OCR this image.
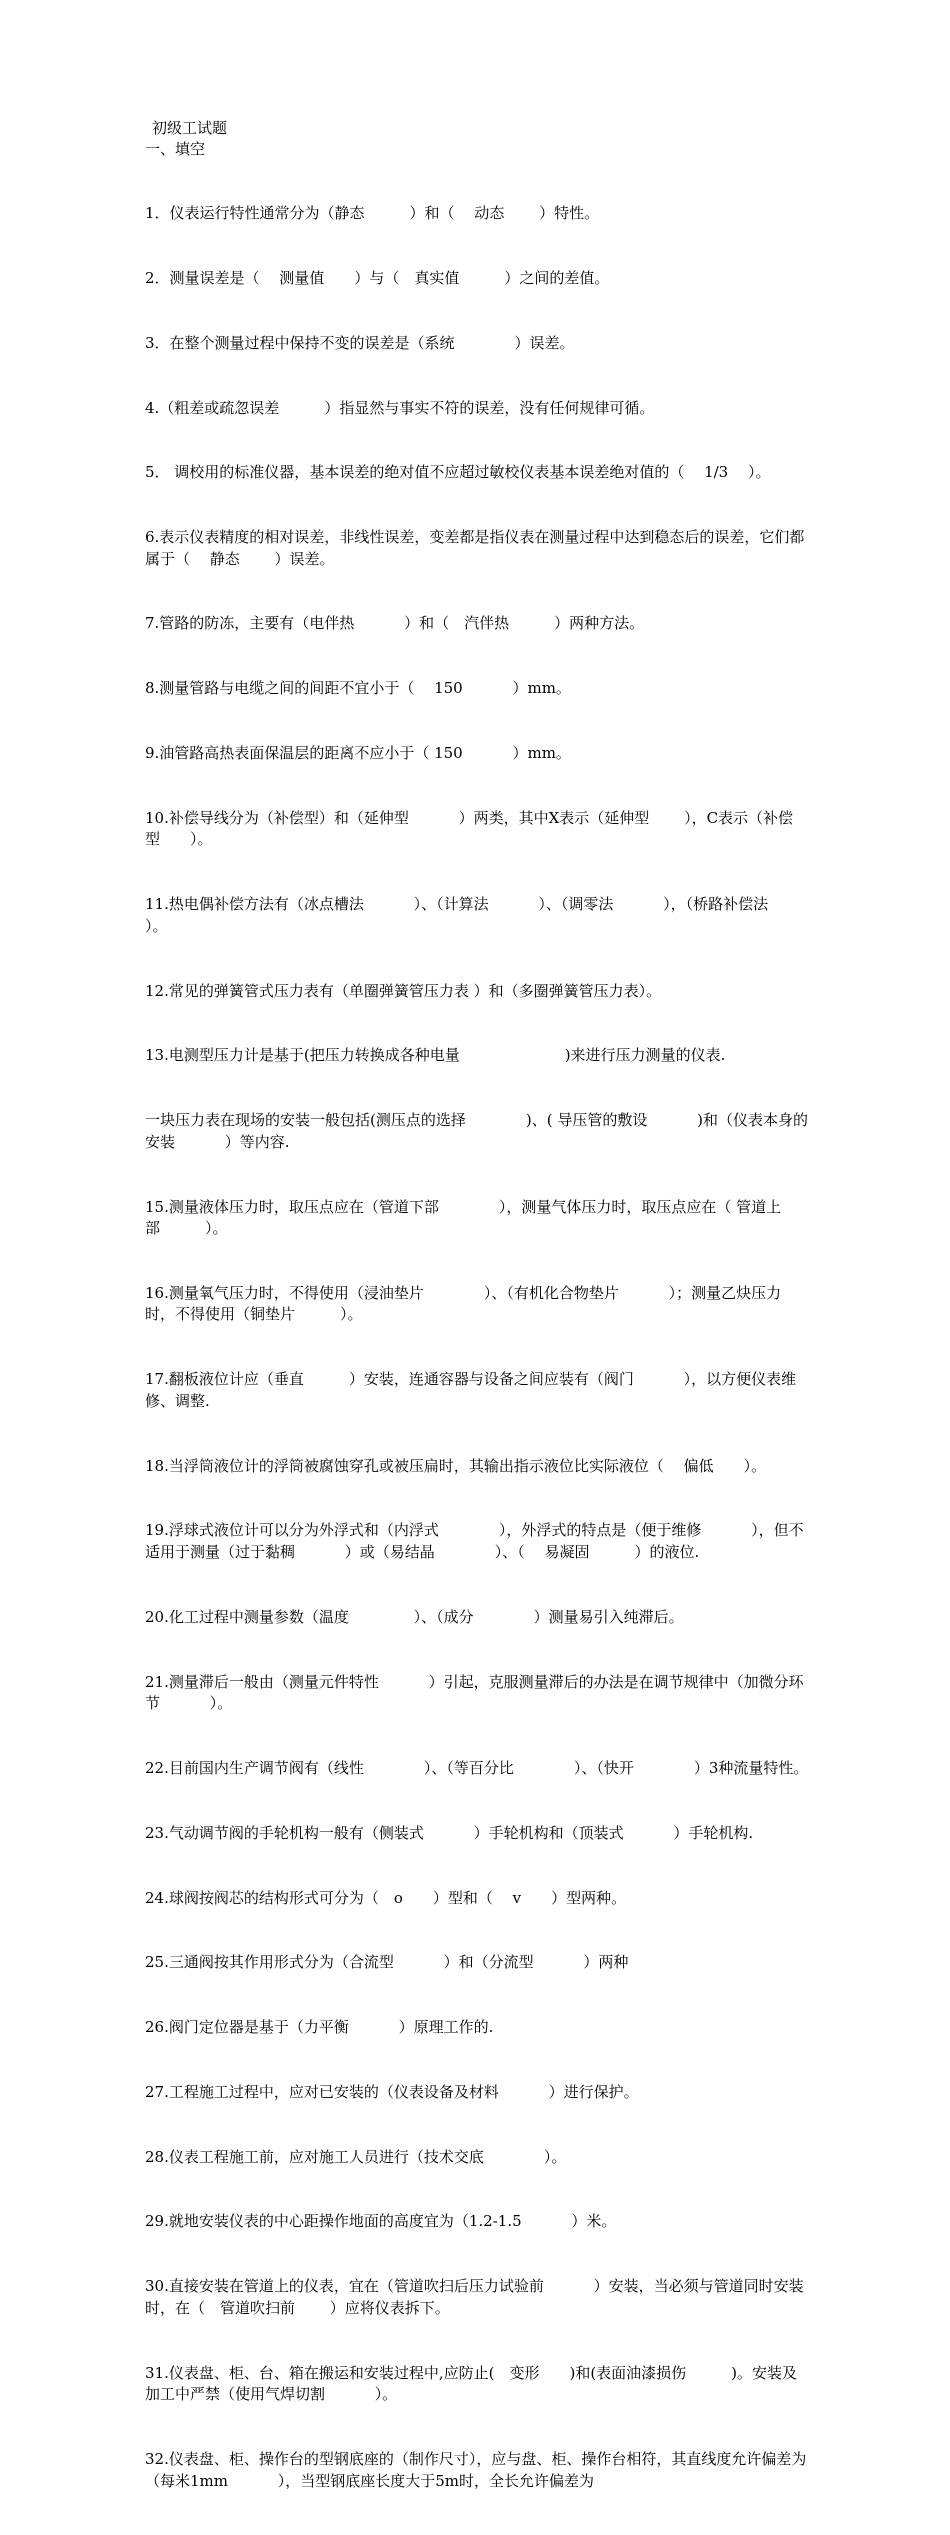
初级工试题
一、填空

1．仪表运行特性通常分为（静态　　　）和（　 动态　　 ）特性。

2．测量误差是（　 测量值　　）与（　真实值　　　）之间的差值。

3．在整个测量过程中保持不变的误差是（系统　　　　）误差。

4.（粗差或疏忽误差　　　）指显然与事实不符的误差，没有任何规律可循。

5． 调校用的标准仪器，基本误差的绝对值不应超过敏校仪表基本误差绝对值的（　 1/3　 ）。

6.表示仪表精度的相对误差，非线性误差，变差都是指仪表在测量过程中达到稳态后的误差，它们都属于（　 静态　　 ）误差。

7.管路的防冻，主要有（电伴热　　　 ）和（　汽伴热　　　）两种方法。

8.测量管路与电缆之间的间距不宜小于（　 150　　　 ）mm。

9.油管路高热表面保温层的距离不应小于（ 150　　　 ）mm。

10.补偿导线分为（补偿型）和（延伸型　　　 ）两类，其中X表示（延伸型　　 ），C表示（补偿型　　）。

11.热电偶补偿方法有（冰点槽法　　　 ）、（计算法　　　 ）、（调零法　　　 ），（桥路补偿法　　　 ）。

12.常见的弹簧管式压力表有（单圈弹簧管压力表 ）和（多圈弹簧管压力表）。

13.电测型压力计是基于(把压力转换成各种电量　　　　　　　)来进行压力测量的仪表.

一块压力表在现场的安装一般包括(测压点的选择　　　　)、( 导压管的敷设　　　 )和（仪表本身的安装　　　 ）等内容.

15.测量液体压力时，取压点应在（管道下部　　　　），测量气体压力时，取压点应在（ 管道上部　　　）。

16.测量氧气压力时，不得使用（浸油垫片　　　　）、（有机化合物垫片　　　 ）；测量乙炔压力时，不得使用（铜垫片　　　）。

17.翻板液位计应（垂直　　　）安装，连通容器与设备之间应装有（阀门　　　 ），以方便仪表维修、调整.

18.当浮筒液位计的浮筒被腐蚀穿孔或被压扁时，其输出指示液位比实际液位（　 偏低　　）。

19.浮球式液位计可以分为外浮式和（内浮式　　　　），外浮式的特点是（便于维修　　　 ），但不适用于测量（过于黏稠　　　 ）或（易结晶　　　　）、（　 易凝固　　　）的液位.

20.化工过程中测量参数（温度　　　　 ）、（成分　　　　）测量易引入纯滞后。

21.测量滞后一般由（测量元件特性　　　 ）引起，克服测量滞后的办法是在调节规律中（加微分环节　　　 ）。

22.目前国内生产调节阀有（线性　　　　）、（等百分比　　　　）、（快开　　　　）3种流量特性。

23.气动调节阀的手轮机构一般有（侧装式　　　 ）手轮机构和（顶装式　　　 ）手轮机构.

24.球阀按阀芯的结构形式可分为（　o　　）型和（　 v　　）型两种。

25.三通阀按其作用形式分为（合流型　　　 ）和（分流型　　　 ）两种

26.阀门定位器是基于（力平衡　　　 ）原理工作的.

27.工程施工过程中，应对已安装的（仪表设备及材料　　　 ）进行保护。

28.仪表工程施工前，应对施工人员进行（技术交底　　　　）。

29.就地安装仪表的中心距操作地面的高度宜为（1.2-1.5　　　 ）米。

30.直接安装在管道上的仪表，宜在（管道吹扫后压力试验前　　　 ）安装，当必须与管道同时安装时，在（　管道吹扫前　　 ）应将仪表拆下。

31.仪表盘、柜、台、箱在搬运和安装过程中,应防止(　变形　　)和(表面油漆损伤　　　)。安装及加工中严禁（使用气焊切割　　　 ）。

32.仪表盘、柜、操作台的型钢底座的（制作尺寸），应与盘、柜、操作台相符，其直线度允许偏差为（每米1mm　　　 ），当型钢底座长度大于5m时，全长允许偏差为
